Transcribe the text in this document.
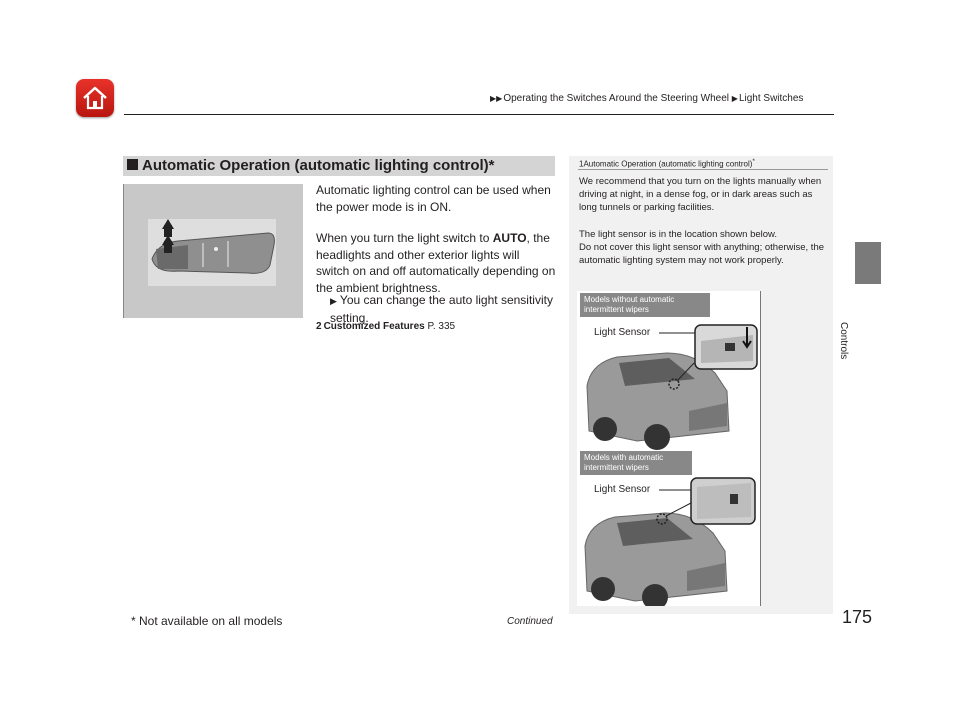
▶▶Operating the Switches Around the Steering Wheel ▶Light Switches
Controls
Automatic Operation (automatic lighting control)*
Automatic lighting control can be used when the power mode is in ON.
When you turn the light switch to AUTO, the headlights and other exterior lights will switch on and off automatically depending on the ambient brightness.
▶ You can change the auto light sensitivity setting.
2 Customized Features P. 335
1Automatic Operation (automatic lighting control)*
We recommend that you turn on the lights manually when driving at night, in a dense fog, or in dark areas such as long tunnels or parking facilities.
The light sensor is in the location shown below.
Do not cover this light sensor with anything; otherwise, the automatic lighting system may not work properly.
Models without automatic intermittent wipers
Models with automatic intermittent wipers
Light Sensor
Light Sensor
* Not available on all models	Continued	175
